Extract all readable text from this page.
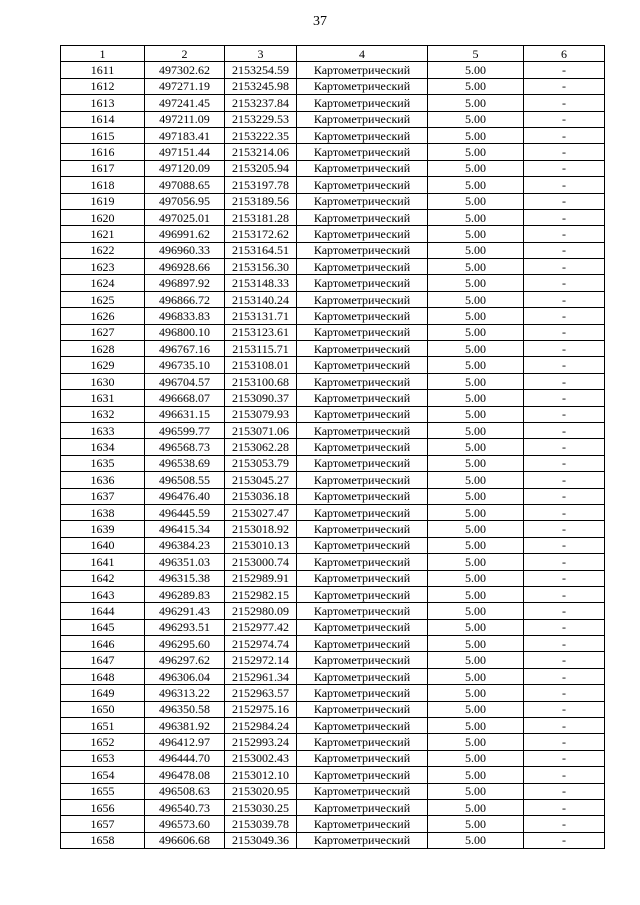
37
1	2	3	4	5	6
1611	497302.62	2153254.59	Картометрический	5.00	-
1612	497271.19	2153245.98	Картометрический	5.00	-
1613	497241.45	2153237.84	Картометрический	5.00	-
1614	497211.09	2153229.53	Картометрический	5.00	-
1615	497183.41	2153222.35	Картометрический	5.00	-
1616	497151.44	2153214.06	Картометрический	5.00	-
1617	497120.09	2153205.94	Картометрический	5.00	-
1618	497088.65	2153197.78	Картометрический	5.00	-
1619	497056.95	2153189.56	Картометрический	5.00	-
1620	497025.01	2153181.28	Картометрический	5.00	-
1621	496991.62	2153172.62	Картометрический	5.00	-
1622	496960.33	2153164.51	Картометрический	5.00	-
1623	496928.66	2153156.30	Картометрический	5.00	-
1624	496897.92	2153148.33	Картометрический	5.00	-
1625	496866.72	2153140.24	Картометрический	5.00	-
1626	496833.83	2153131.71	Картометрический	5.00	-
1627	496800.10	2153123.61	Картометрический	5.00	-
1628	496767.16	2153115.71	Картометрический	5.00	-
1629	496735.10	2153108.01	Картометрический	5.00	-
1630	496704.57	2153100.68	Картометрический	5.00	-
1631	496668.07	2153090.37	Картометрический	5.00	-
1632	496631.15	2153079.93	Картометрический	5.00	-
1633	496599.77	2153071.06	Картометрический	5.00	-
1634	496568.73	2153062.28	Картометрический	5.00	-
1635	496538.69	2153053.79	Картометрический	5.00	-
1636	496508.55	2153045.27	Картометрический	5.00	-
1637	496476.40	2153036.18	Картометрический	5.00	-
1638	496445.59	2153027.47	Картометрический	5.00	-
1639	496415.34	2153018.92	Картометрический	5.00	-
1640	496384.23	2153010.13	Картометрический	5.00	-
1641	496351.03	2153000.74	Картометрический	5.00	-
1642	496315.38	2152989.91	Картометрический	5.00	-
1643	496289.83	2152982.15	Картометрический	5.00	-
1644	496291.43	2152980.09	Картометрический	5.00	-
1645	496293.51	2152977.42	Картометрический	5.00	-
1646	496295.60	2152974.74	Картометрический	5.00	-
1647	496297.62	2152972.14	Картометрический	5.00	-
1648	496306.04	2152961.34	Картометрический	5.00	-
1649	496313.22	2152963.57	Картометрический	5.00	-
1650	496350.58	2152975.16	Картометрический	5.00	-
1651	496381.92	2152984.24	Картометрический	5.00	-
1652	496412.97	2152993.24	Картометрический	5.00	-
1653	496444.70	2153002.43	Картометрический	5.00	-
1654	496478.08	2153012.10	Картометрический	5.00	-
1655	496508.63	2153020.95	Картометрический	5.00	-
1656	496540.73	2153030.25	Картометрический	5.00	-
1657	496573.60	2153039.78	Картометрический	5.00	-
1658	496606.68	2153049.36	Картометрический	5.00	-
